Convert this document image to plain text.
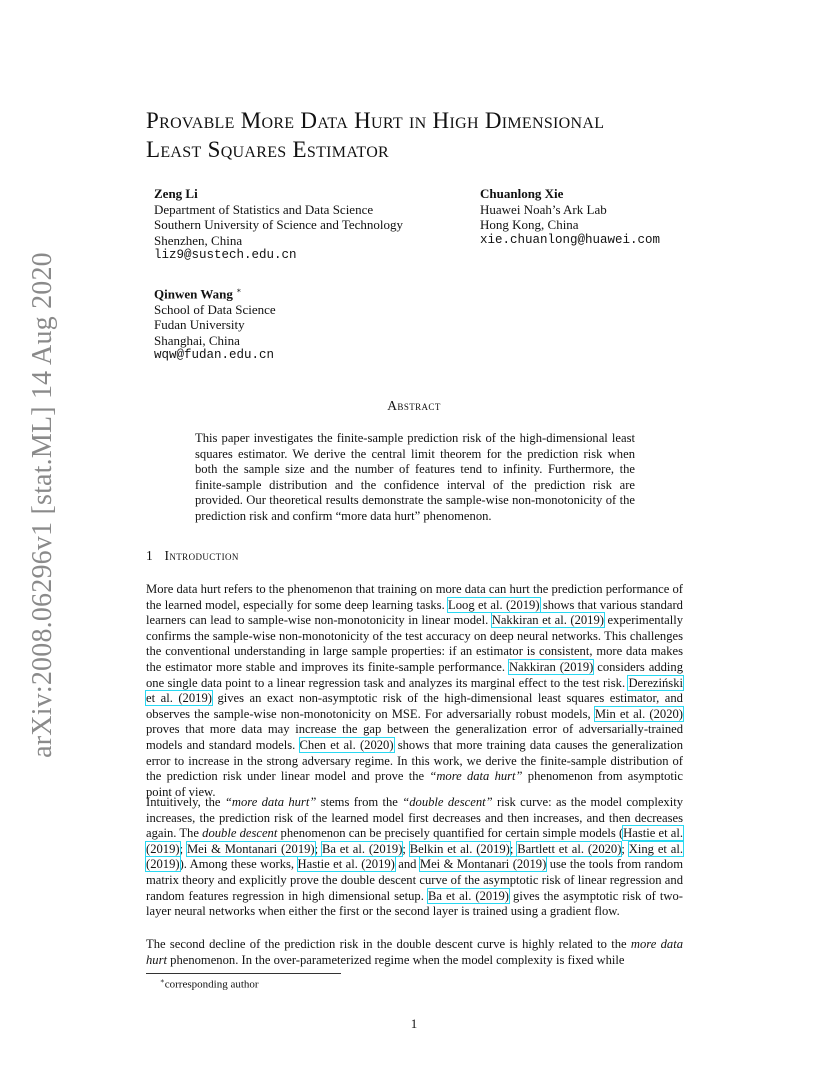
arXiv:2008.06296v1 [stat.ML] 14 Aug 2020
Provable More Data Hurt in High Dimensional
Least Squares Estimator
Zeng Li
Department of Statistics and Data Science
Southern University of Science and Technology
Shenzhen, China
liz9@sustech.edu.cn
Chuanlong Xie
Huawei Noah’s Ark Lab
Hong Kong, China
xie.chuanlong@huawei.com
Qinwen Wang ∗
School of Data Science
Fudan University
Shanghai, China
wqw@fudan.edu.cn
Abstract
This paper investigates the finite-sample prediction risk of the high-dimensional least squares estimator. We derive the central limit theorem for the prediction risk when both the sample size and the number of features tend to infinity. Furthermore, the finite-sample distribution and the confidence interval of the prediction risk are provided. Our theoretical results demonstrate the sample-wise non-monotonicity of the prediction risk and confirm “more data hurt” phenomenon.
1 Introduction
More data hurt refers to the phenomenon that training on more data can hurt the prediction performance of the learned model, especially for some deep learning tasks. Loog et al. (2019) shows that various standard learners can lead to sample-wise non-monotonicity in linear model. Nakkiran et al. (2019) experimentally confirms the sample-wise non-monotonicity of the test accuracy on deep neural networks. This challenges the conventional understanding in large sample properties: if an estimator is consistent, more data makes the estimator more stable and improves its finite-sample performance. Nakkiran (2019) considers adding one single data point to a linear regression task and analyzes its marginal effect to the test risk. Dereziński et al. (2019) gives an exact non-asymptotic risk of the high-dimensional least squares estimator, and observes the sample-wise non-monotonicity on MSE. For adversarially robust models, Min et al. (2020) proves that more data may increase the gap between the generalization error of adversarially-trained models and standard models. Chen et al. (2020) shows that more training data causes the generalization error to increase in the strong adversary regime. In this work, we derive the finite-sample distribution of the prediction risk under linear model and prove the “more data hurt” phenomenon from asymptotic point of view.
Intuitively, the “more data hurt” stems from the “double descent” risk curve: as the model complexity increases, the prediction risk of the learned model first decreases and then increases, and then decreases again. The double descent phenomenon can be precisely quantified for certain simple models (Hastie et al. (2019); Mei & Montanari (2019); Ba et al. (2019); Belkin et al. (2019); Bartlett et al. (2020); Xing et al. (2019)). Among these works, Hastie et al. (2019) and Mei & Montanari (2019) use the tools from random matrix theory and explicitly prove the double descent curve of the asymptotic risk of linear regression and random features regression in high dimensional setup. Ba et al. (2019) gives the asymptotic risk of two-layer neural networks when either the first or the second layer is trained using a gradient flow.
The second decline of the prediction risk in the double descent curve is highly related to the more data hurt phenomenon. In the over-parameterized regime when the model complexity is fixed while
∗corresponding author
1
